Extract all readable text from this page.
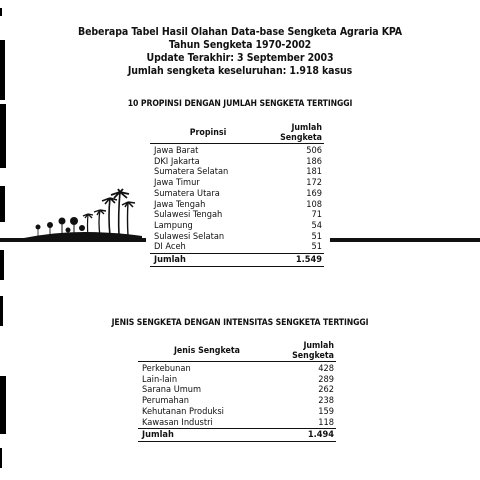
Beberapa Tabel Hasil Olahan Data-base Sengketa Agraria KPA
Tahun Sengketa 1970-2002
Update Terakhir: 3 September 2003
Jumlah sengketa keseluruhan: 1.918 kasus
10 PROPINSI DENGAN JUMLAH SENGKETA TERTINGGI
Propinsi	Jumlah
Sengketa

Jawa Barat	506
DKI Jakarta	186
Sumatera Selatan	181
Jawa Timur	172
Sumatera Utara	169
Jawa Tengah	108
Sulawesi Tengah	71
Lampung	54
Sulawesi Selatan	51
DI Aceh	51
Jumlah	1.549
JENIS SENGKETA DENGAN INTENSITAS SENGKETA TERTINGGI
Jenis Sengketa	Jumlah
Sengketa

Perkebunan	428
Lain-lain	289
Sarana Umum	262
Perumahan	238
Kehutanan Produksi	159
Kawasan Industri	118
Jumlah	1.494
